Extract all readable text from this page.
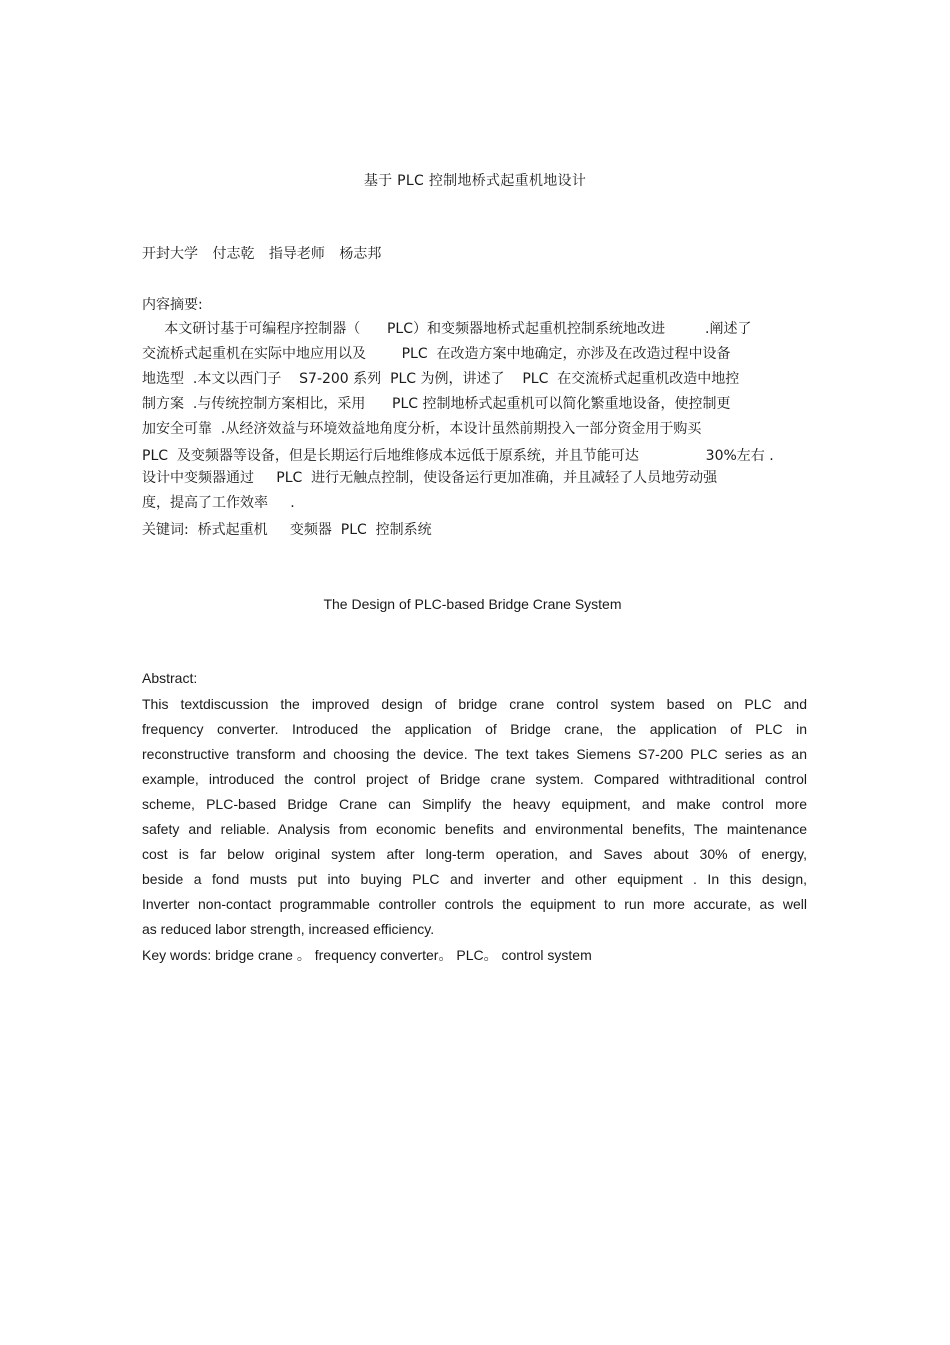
基于 PLC 控制地桥式起重机地设计
开封大学 付志乾 指导老师 杨志邦
内容摘要:
本文研讨基于可编程序控制器（      PLC）和变频器地桥式起重机控制系统地改进         .阐述了
交流桥式起重机在实际中地应用以及        PLC  在改造方案中地确定，亦涉及在改造过程中设备
地选型  .本文以西门子    S7-200 系列  PLC 为例，讲述了    PLC  在交流桥式起重机改造中地控
制方案  .与传统控制方案相比，采用      PLC 控制地桥式起重机可以简化繁重地设备，使控制更
加安全可靠  .从经济效益与环境效益地角度分析，本设计虽然前期投入一部分资金用于购买
PLC  及变频器等设备，但是长期运行后地维修成本远低于原系统，并且节能可达               30%左右 .
设计中变频器通过     PLC  进行无触点控制，使设备运行更加准确，并且减轻了人员地劳动强
度，提高了工作效率     .
关键词:  桥式起重机     变频器  PLC  控制系统
The Design of PLC-based Bridge Crane System
Abstract:
This textdiscussion the improved design of bridge crane control system based on PLC and
frequency converter. Introduced the application of Bridge crane, the application of PLC in
reconstructive transform and choosing the device. The text takes Siemens S7-200 PLC series as an
example, introduced the control project of Bridge crane system. Compared withtraditional control
scheme, PLC-based Bridge Crane can Simplify the heavy equipment, and make control more
safety and reliable. Analysis from economic benefits and environmental benefits, The maintenance
cost is far below original system after long-term operation, and Saves about 30% of energy,
beside a fond musts put into buying PLC and inverter and other equipment . In this design,
Inverter non-contact programmable controller controls the equipment to run more accurate, as well
as reduced labor strength, increased efficiency.
Key words: bridge crane 。 frequency converter。 PLC。 control system
